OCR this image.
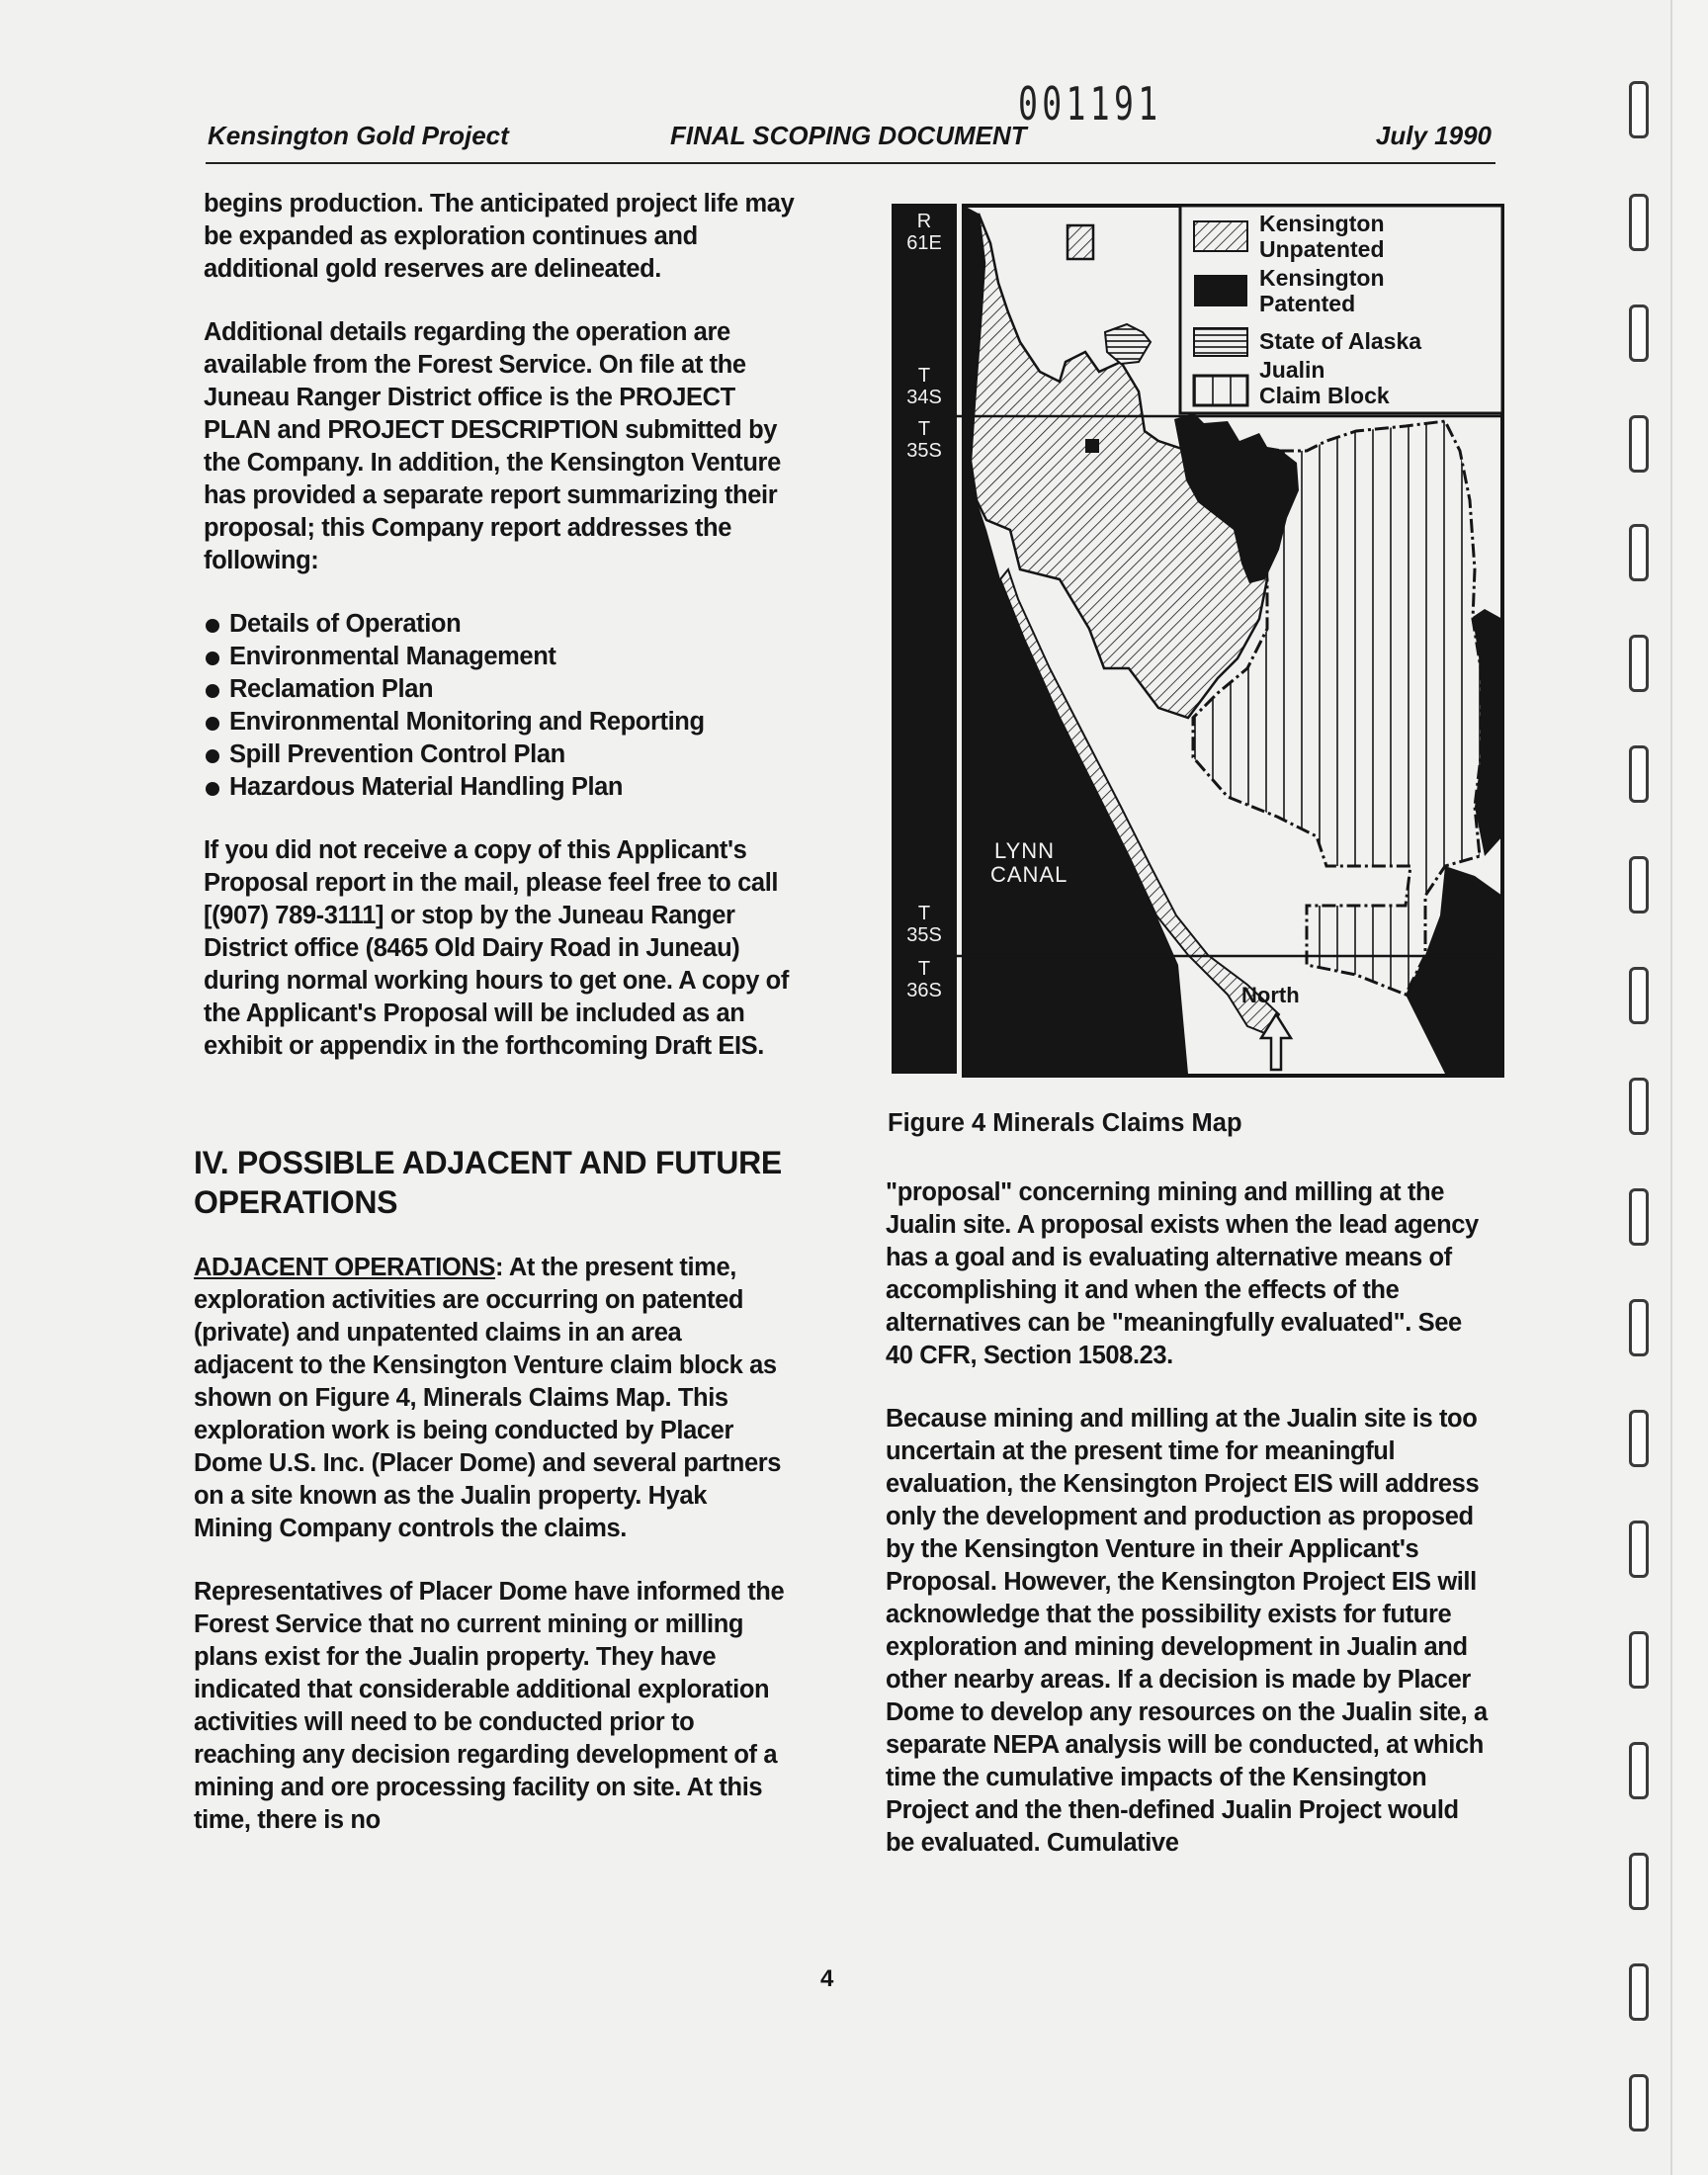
001191
Kensington Gold Project	FINAL SCOPING DOCUMENT	July 1990

begins production. The anticipated project life may be expanded as exploration continues and additional gold reserves are delineated.

Additional details regarding the operation are available from the Forest Service. On file at the Juneau Ranger District office is the PROJECT PLAN and PROJECT DESCRIPTION submitted by the Company. In addition, the Kensington Venture has provided a separate report summarizing their proposal; this Company report addresses the following:

Details of Operation
Environmental Management
Reclamation Plan
Environmental Monitoring and Reporting
Spill Prevention Control Plan
Hazardous Material Handling Plan

If you did not receive a copy of this Applicant's Proposal report in the mail, please feel free to call [(907) 789-3111] or stop by the Juneau Ranger District office (8465 Old Dairy Road in Juneau) during normal working hours to get one. A copy of the Applicant's Proposal will be included as an exhibit or appendix in the forthcoming Draft EIS.

IV. POSSIBLE ADJACENT AND FUTURE OPERATIONS

ADJACENT OPERATIONS: At the present time, exploration activities are occurring on patented (private) and unpatented claims in an area adjacent to the Kensington Venture claim block as shown on Figure 4, Minerals Claims Map. This exploration work is being conducted by Placer Dome U.S. Inc. (Placer Dome) and several partners on a site known as the Jualin property. Hyak Mining Company controls the claims.

Representatives of Placer Dome have informed the Forest Service that no current mining or milling plans exist for the Jualin property. They have indicated that considerable additional exploration activities will need to be conducted prior to reaching any decision regarding development of a mining and ore processing facility on site. At this time, there is no

R
61E
T
34S
T
35S
T
35S
T
36S
Kensington
Unpatented
Kensington
Patented
State of Alaska
Jualin
Claim Block
LYNN
CANAL
North
Figure 4 Minerals Claims Map

"proposal" concerning mining and milling at the Jualin site. A proposal exists when the lead agency has a goal and is evaluating alternative means of accomplishing it and when the effects of the alternatives can be "meaningfully evaluated". See 40 CFR, Section 1508.23.

Because mining and milling at the Jualin site is too uncertain at the present time for meaningful evaluation, the Kensington Project EIS will address only the development and production as proposed by the Kensington Venture in their Applicant's Proposal. However, the Kensington Project EIS will acknowledge that the possibility exists for future exploration and mining development in Jualin and other nearby areas. If a decision is made by Placer Dome to develop any resources on the Jualin site, a separate NEPA analysis will be conducted, at which time the cumulative impacts of the Kensington Project and the then-defined Jualin Project would be evaluated. Cumulative

4
